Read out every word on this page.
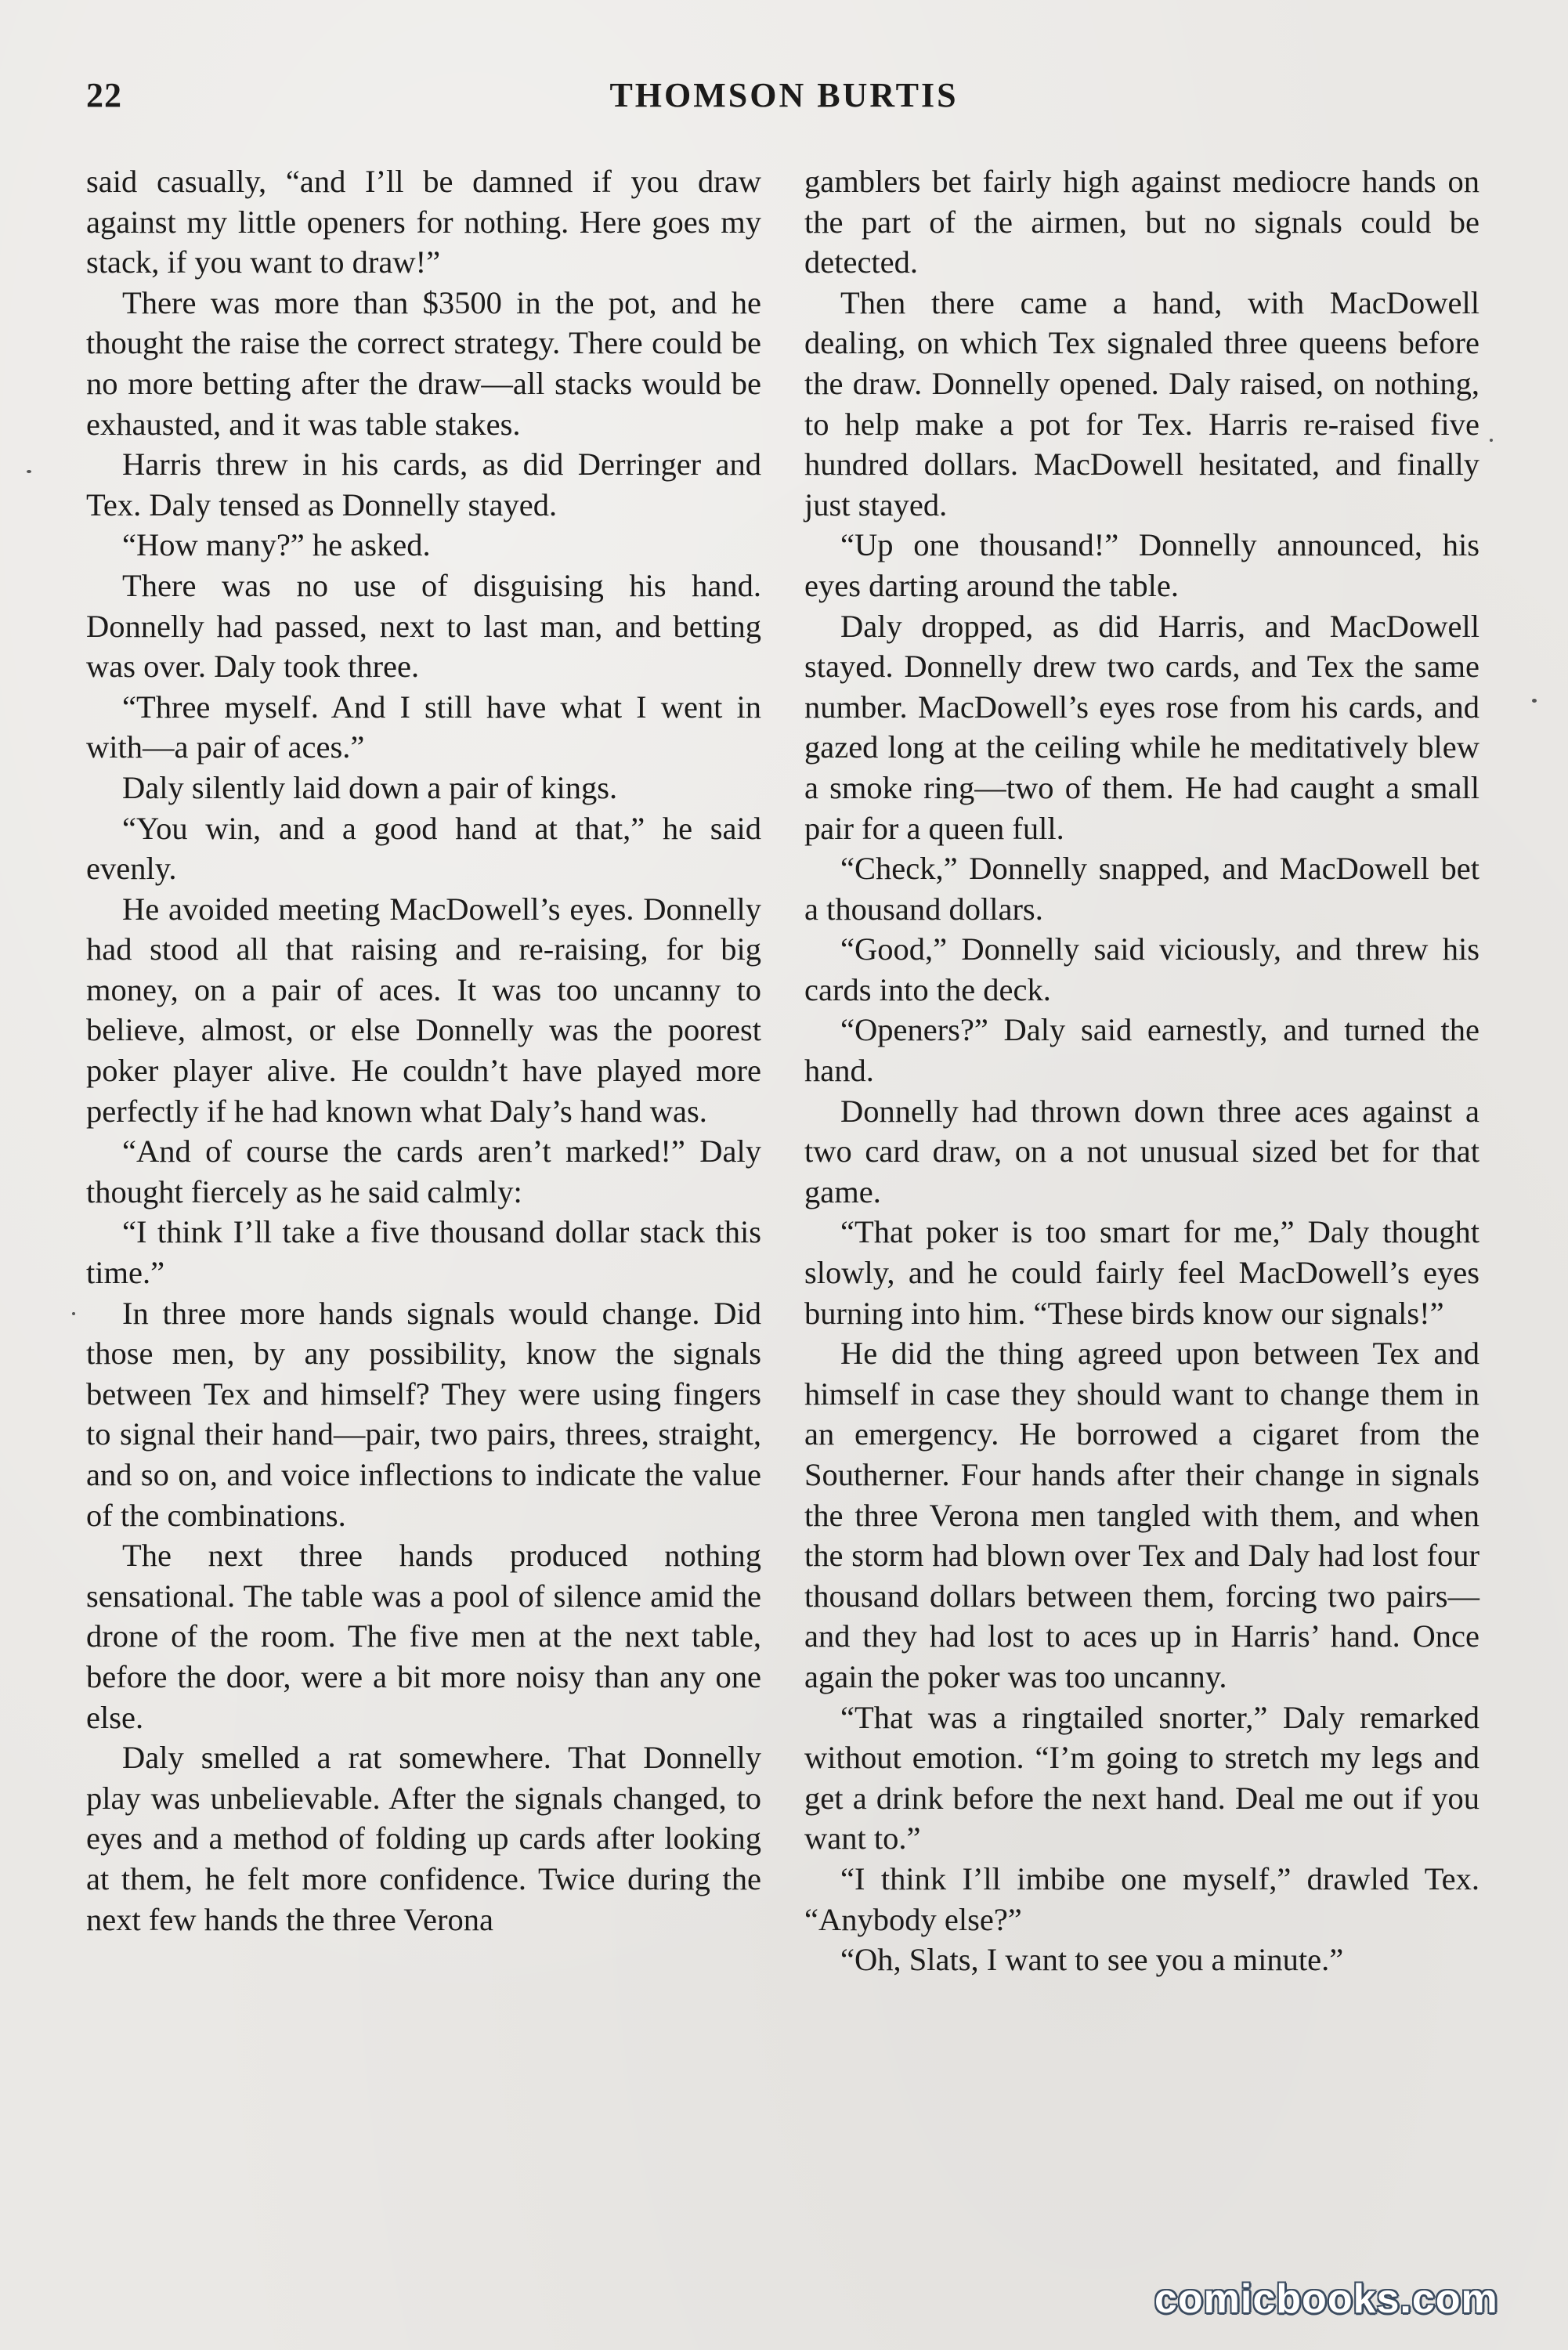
22	THOMSON BURTIS

said casually, “and I’ll be damned if you draw against my little openers for nothing. Here goes my stack, if you want to draw!”

There was more than $3500 in the pot, and he thought the raise the correct strategy. There could be no more betting after the draw—all stacks would be exhausted, and it was table stakes.

Harris threw in his cards, as did Derringer and Tex. Daly tensed as Donnelly stayed.

“How many?” he asked.

There was no use of disguising his hand. Donnelly had passed, next to last man, and betting was over. Daly took three.

“Three myself. And I still have what I went in with—a pair of aces.”

Daly silently laid down a pair of kings.

“You win, and a good hand at that,” he said evenly.

He avoided meeting MacDowell’s eyes. Donnelly had stood all that raising and re-raising, for big money, on a pair of aces. It was too uncanny to believe, almost, or else Donnelly was the poorest poker player alive. He couldn’t have played more perfectly if he had known what Daly’s hand was.

“And of course the cards aren’t marked!” Daly thought fiercely as he said calmly:

“I think I’ll take a five thousand dollar stack this time.”

In three more hands signals would change. Did those men, by any possibility, know the signals between Tex and himself? They were using fingers to signal their hand—pair, two pairs, threes, straight, and so on, and voice inflections to indicate the value of the combinations.

The next three hands produced nothing sensational. The table was a pool of silence amid the drone of the room. The five men at the next table, before the door, were a bit more noisy than any one else.

Daly smelled a rat somewhere. That Donnelly play was unbelievable. After the signals changed, to eyes and a method of folding up cards after looking at them, he felt more confidence. Twice during the next few hands the three Verona

gamblers bet fairly high against mediocre hands on the part of the airmen, but no signals could be detected.

Then there came a hand, with MacDowell dealing, on which Tex signaled three queens before the draw. Donnelly opened. Daly raised, on nothing, to help make a pot for Tex. Harris re-raised five hundred dollars. MacDowell hesitated, and finally just stayed.

“Up one thousand!” Donnelly announced, his eyes darting around the table.

Daly dropped, as did Harris, and MacDowell stayed. Donnelly drew two cards, and Tex the same number. MacDowell’s eyes rose from his cards, and gazed long at the ceiling while he meditatively blew a smoke ring—two of them. He had caught a small pair for a queen full.

“Check,” Donnelly snapped, and MacDowell bet a thousand dollars.

“Good,” Donnelly said viciously, and threw his cards into the deck.

“Openers?” Daly said earnestly, and turned the hand.

Donnelly had thrown down three aces against a two card draw, on a not unusual sized bet for that game.

“That poker is too smart for me,” Daly thought slowly, and he could fairly feel MacDowell’s eyes burning into him. “These birds know our signals!”

He did the thing agreed upon between Tex and himself in case they should want to change them in an emergency. He borrowed a cigaret from the Southerner. Four hands after their change in signals the three Verona men tangled with them, and when the storm had blown over Tex and Daly had lost four thousand dollars between them, forcing two pairs—and they had lost to aces up in Harris’ hand. Once again the poker was too uncanny.

“That was a ringtailed snorter,” Daly remarked without emotion. “I’m going to stretch my legs and get a drink before the next hand. Deal me out if you want to.”

“I think I’ll imbibe one myself,” drawled Tex. “Anybody else?”

“Oh, Slats, I want to see you a minute.”

comicbooks.com
